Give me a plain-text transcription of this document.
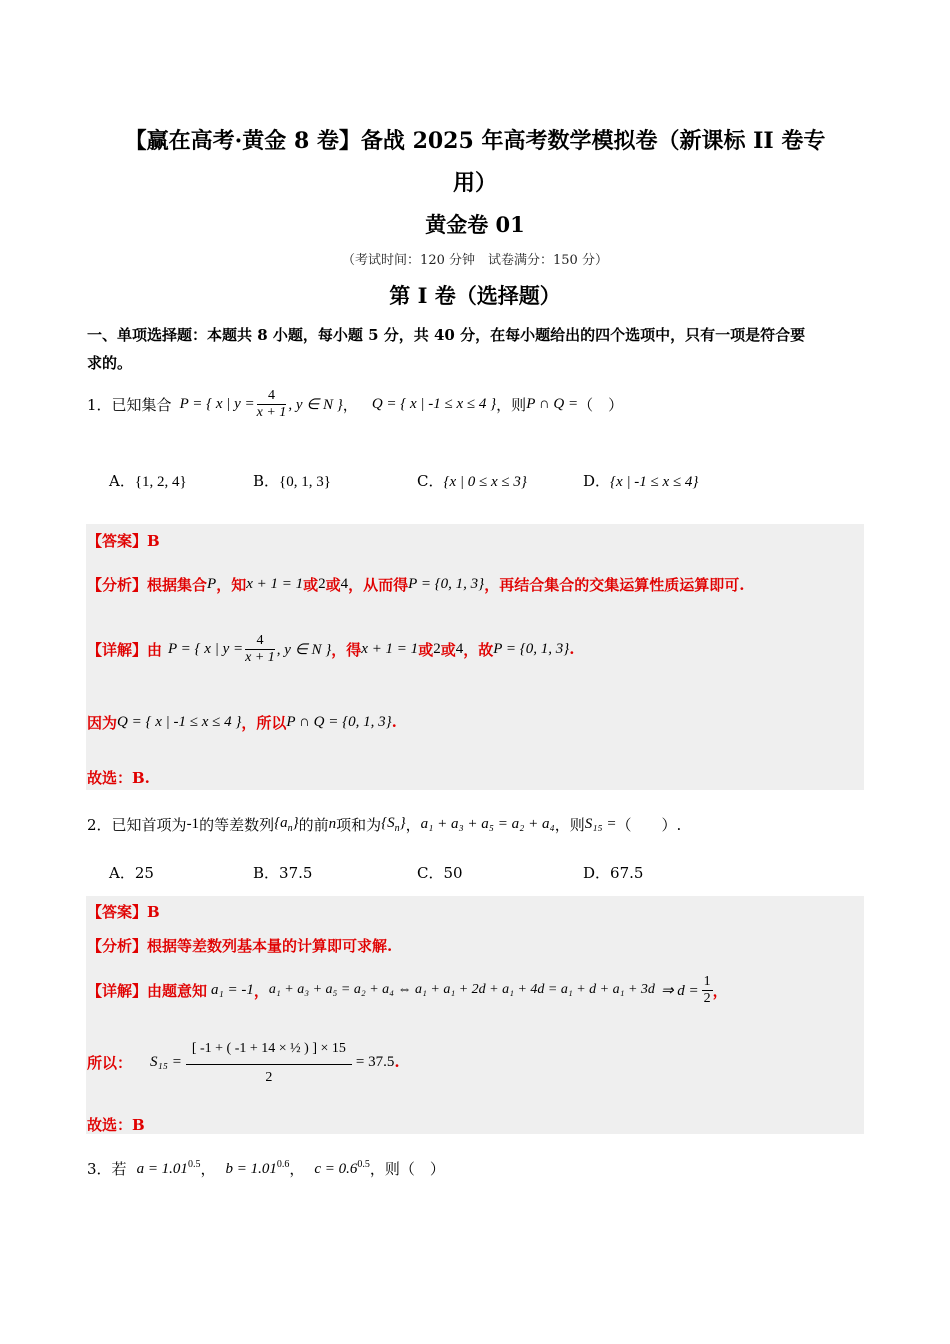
【赢在高考·黄金 8 卷】备战 2025 年高考数学模拟卷（新课标 II 卷专
用）
黄金卷 01
（考试时间：120 分钟　试卷满分：150 分）
第 I 卷（选择题）
一、单项选择题：本题共 8 小题，每小题 5 分，共 40 分，在每小题给出的四个选项中，只有一项是符合要
求的。
1． 已知集合 P = { x | $y = \frac{4}{x + 1}$ , y ∈ N } ， Q = { x | -1 ≤ x ≤ 4 } ，则 P ∩ Q = （　）
A．{1, 2, 4}	B．{0, 1, 3}	C．{x | 0 ≤ x ≤ 3}	D．{x | -1 ≤ x ≤ 4}
【答案】B
【分析】 根据集合 P ，知 x + 1 = 1 或 2 或 4 ，从而得 P = {0, 1, 3} ，再结合集合的交集运算性质运算即可.
【详解】 由 P = { x | $y = \frac{4}{x + 1}$ , y ∈ N } ，得 x + 1 = 1 或 2 或 4 ，故 P = {0, 1, 3} .
因为 Q = { x | -1 ≤ x ≤ 4 } ，所以 P ∩ Q = {0, 1, 3} .
故选：B.
2． 已知首项为 -1 的等差数列 $\{a_n\}$ 的前 n 项和为 $\{S_n\}$ ， a₁ + a₃ + a₅ = a₂ + a₄ ，则 S₁₅ = （　　）.
A．25	B．37.5	C．50	D．67.5
【答案】B
【分析】根据等差数列基本量的计算即可求解.
【详解】 由题意知 a₁ = -1 ， a₁ + a₃ + a₅ = a₂ + a₄ ⇔ a₁ + a₁ + 2d + a₁ + 4d = a₁ + d + a₁ + 3d ⇒ $d = \frac{1}{2}$ ，
所以： $S_{15} = \frac{\text{[ -1 + ( -1 + 14 × ½ ) ] × 15}}{2} = 37.5$ .
故选：B
3． 若 $a = 1.01^{0.5}$ ， $b = 1.01^{0.6}$ ， $c = 0.6^{0.5}$ ，则（　）
